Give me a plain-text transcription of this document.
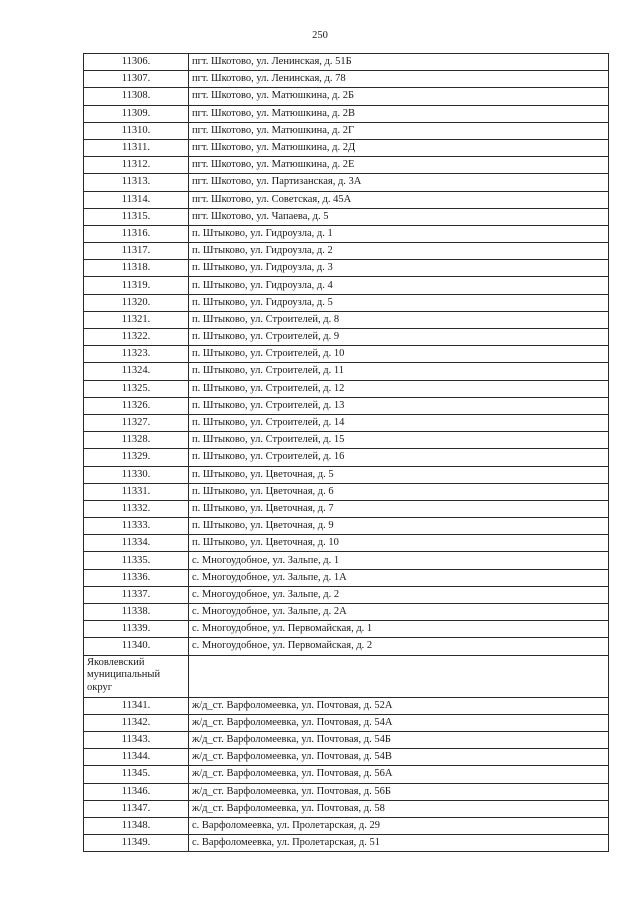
250
11306.	пгт. Шкотово, ул. Ленинская, д. 51Б
11307.	пгт. Шкотово, ул. Ленинская, д. 78
11308.	пгт. Шкотово, ул. Матюшкина, д. 2Б
11309.	пгт. Шкотово, ул. Матюшкина, д. 2В
11310.	пгт. Шкотово, ул. Матюшкина, д. 2Г
11311.	пгт. Шкотово, ул. Матюшкина, д. 2Д
11312.	пгт. Шкотово, ул. Матюшкина, д. 2Е
11313.	пгт. Шкотово, ул. Партизанская, д. 3А
11314.	пгт. Шкотово, ул. Советская, д. 45А
11315.	пгт. Шкотово, ул. Чапаева, д. 5
11316.	п. Штыково, ул. Гидроузла, д. 1
11317.	п. Штыково, ул. Гидроузла, д. 2
11318.	п. Штыково, ул. Гидроузла, д. 3
11319.	п. Штыково, ул. Гидроузла, д. 4
11320.	п. Штыково, ул. Гидроузла, д. 5
11321.	п. Штыково, ул. Строителей, д. 8
11322.	п. Штыково, ул. Строителей, д. 9
11323.	п. Штыково, ул. Строителей, д. 10
11324.	п. Штыково, ул. Строителей, д. 11
11325.	п. Штыково, ул. Строителей, д. 12
11326.	п. Штыково, ул. Строителей, д. 13
11327.	п. Штыково, ул. Строителей, д. 14
11328.	п. Штыково, ул. Строителей, д. 15
11329.	п. Штыково, ул. Строителей, д. 16
11330.	п. Штыково, ул. Цветочная, д. 5
11331.	п. Штыково, ул. Цветочная, д. 6
11332.	п. Штыково, ул. Цветочная, д. 7
11333.	п. Штыково, ул. Цветочная, д. 9
11334.	п. Штыково, ул. Цветочная, д. 10
11335.	с. Многоудобное, ул. Зальпе, д. 1
11336.	с. Многоудобное, ул. Зальпе, д. 1А
11337.	с. Многоудобное, ул. Зальпе, д. 2
11338.	с. Многоудобное, ул. Зальпе, д. 2А
11339.	с. Многоудобное, ул. Первомайская, д. 1
11340.	с. Многоудобное, ул. Первомайская, д. 2
Яковлевский муниципальный округ	
11341.	ж/д_ст. Варфоломеевка, ул. Почтовая, д. 52А
11342.	ж/д_ст. Варфоломеевка, ул. Почтовая, д. 54А
11343.	ж/д_ст. Варфоломеевка, ул. Почтовая, д. 54Б
11344.	ж/д_ст. Варфоломеевка, ул. Почтовая, д. 54В
11345.	ж/д_ст. Варфоломеевка, ул. Почтовая, д. 56А
11346.	ж/д_ст. Варфоломеевка, ул. Почтовая, д. 56Б
11347.	ж/д_ст. Варфоломеевка, ул. Почтовая, д. 58
11348.	с. Варфоломеевка, ул. Пролетарская, д. 29
11349.	с. Варфоломеевка, ул. Пролетарская, д. 51
